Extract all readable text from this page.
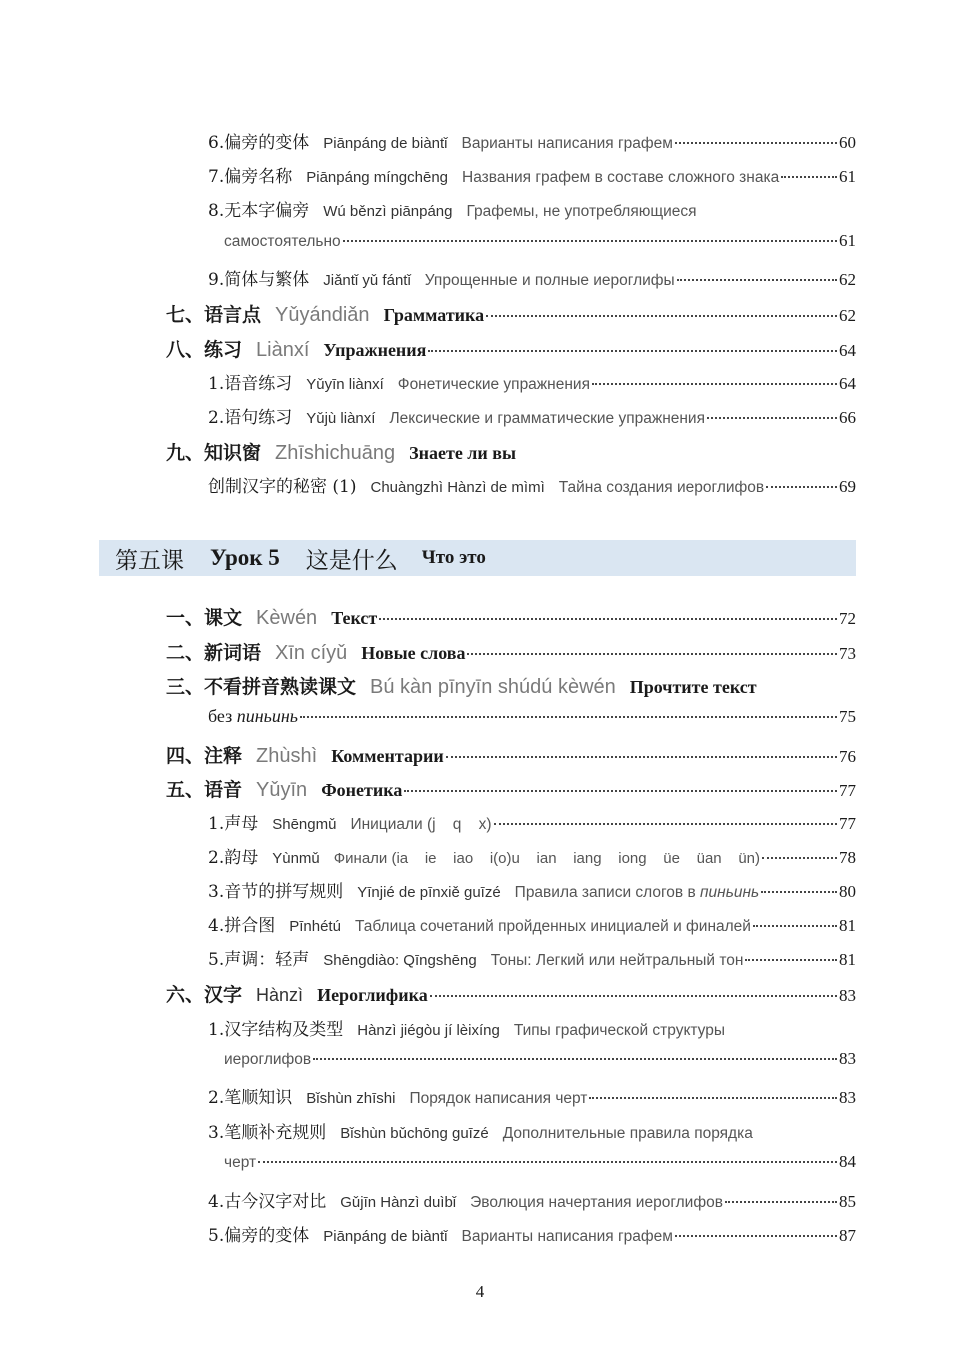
6.偏旁的变体 Piānpáng de biàntǐ Варианты написания графем	60
7.偏旁名称 Piānpáng míngchēng Названия графем в составе сложного знака	61
8.无本字偏旁 Wú běnzì piānpáng Графемы, не употребляющиеся
самостоятельно	61
9.简体与繁体 Jiǎntǐ yǔ fántǐ Упрощенные и полные иероглифы	62
七、语言点 Yǔyándiǎn Грамматика	62
八、练习 Liànxí Упражнения	64
1.语音练习 Yǔyīn liànxí Фонетические упражнения	64
2.语句练习 Yǔjù liànxí Лексические и грамматические упражнения	66
九、知识窗 Zhīshichuāng Знаете ли вы
创制汉字的秘密 (1) Chuàngzhì Hànzì de mìmì Тайна создания иероглифов	69
第五课 Урок 5 这是什么 Что это
一、课文 Kèwén Текст	72
二、新词语 Xīn cíyǔ Новые слова	73
三、不看拼音熟读课文 Bú kàn pīnyīn shúdú kèwén Прочтите текст
без пиньинь	75
四、注释 Zhùshì Комментарии	76
五、语音 Yǔyīn Фонетика	77
1.声母 Shēngmǔ Инициали (j    q    x)	77
2.韵母 Yùnmǔ Финали (ia    ie    iao    i(o)u    ian    iang    iong    üe    üan    ün)	78
3.音节的拼写规则 Yīnjié de pīnxiě guīzé Правила записи слогов в пиньинь	80
4.拼合图 Pīnhétú Таблица сочетаний пройденных инициалей и финалей	81
5.声调：轻声 Shēngdiào: Qīngshēng Тоны: Легкий или нейтральный тон	81
六、汉字 Hànzì Иероглифика	83
1.汉字结构及类型 Hànzì jiégòu jí lèixíng Типы графической структуры
иероглифов	83
2.笔顺知识 Bǐshùn zhīshi Порядок написания черт	83
3.笔顺补充规则 Bǐshùn bǔchōng guīzé Дополнительные правила порядка
черт	84
4.古今汉字对比 Gǔjīn Hànzì duìbǐ Эволюция начертания иероглифов	85
5.偏旁的变体 Piānpáng de biàntǐ Варианты написания графем	87
4
